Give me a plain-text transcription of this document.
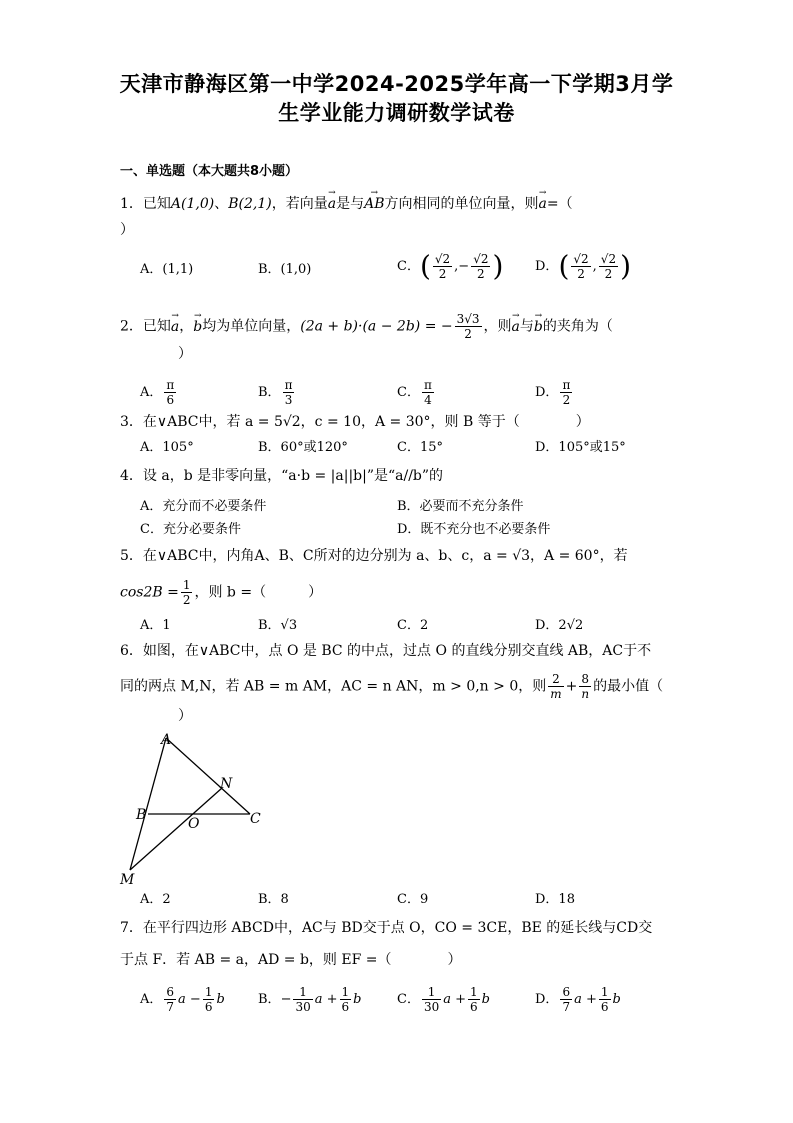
天津市静海区第一中学2024-2025学年高一下学期3月学
生学业能力调研数学试卷
一、单选题（本大题共8小题）
1．已知A(1,0)、B(2,1)，若向量→ a是与→ AB方向相同的单位向量，则→ a=（
）
A．(1,1)	B．(1,0)	C．( $\frac{√2}{2}$ ,− $\frac{√2}{2}$ ) D．( $\frac{√2}{2}$ , $\frac{√2}{2}$ )
2．已知→ a，→ b均为单位向量，(2a + b)·(a − 2b) = − $\frac{3√3}{2}$ ，则→ a与→ b的夹角为（
）
A． $\frac{\pi}{6}$	B． $\frac{\pi}{3}$	C． $\frac{\pi}{4}$	D． $\frac{\pi}{2}$
3．在∨ABC中，若 a = 5√2，c = 10，A = 30°，则 B 等于（　　　　）
A．105°	B．60°或120°	C．15°	D．105°或15°
4．设 a，b 是非零向量，“a·b = |a||b|”是“a//b”的
A．充分而不必要条件	B．必要而不充分条件
C．充分必要条件	D．既不充分也不必要条件
5．在∨ABC中，内角A、B、C所对的边分别为 a、b、c，a = √3，A = 60°，若
$\cos 2B = \frac{1}{2}$ ，则 b =（　　　）
A．1	B．√3	C．2	D．2√2
6．如图，在∨ABC中，点 O 是 BC 的中点，过点 O 的直线分别交直线 AB，AC于不
同的两点 M,N，若 AB = m AM，AC = n AN，m > 0,n > 0，则 $\frac{2}{m} + \frac{8}{n}$ 的最小值（
）
A
B	C
N
O
M
A．2	B．8	C．9	D．18
7．在平行四边形 ABCD中，AC与 BD交于点 O，CO = 3CE，BE 的延长线与CD交
于点 F．若 AB = a，AD = b，则 EF =（　　　　）
A． $\frac{6}{7}$ $a - \frac{1}{6}$ b	B．− $\frac{1}{30}$ $a + \frac{1}{6}$ b	C． $\frac{1}{30}$ $a + \frac{1}{6}$ b	D． $\frac{6}{7}$ $a + \frac{1}{6}$ b
